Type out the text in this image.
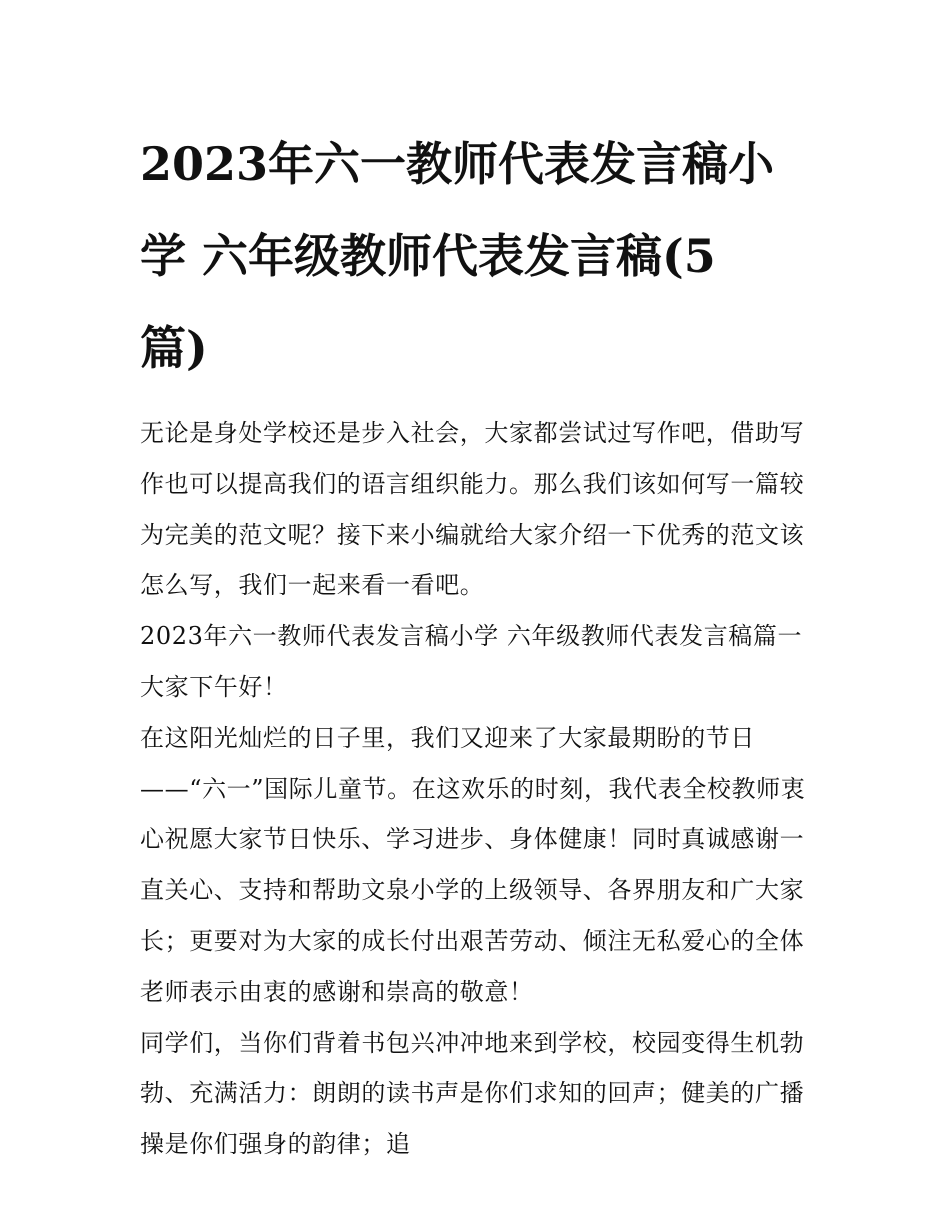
2023年六一教师代表发言稿小
学 六年级教师代表发言稿(5
篇)
无论是身处学校还是步入社会，大家都尝试过写作吧，借助写
作也可以提高我们的语言组织能力。那么我们该如何写一篇较
为完美的范文呢？接下来小编就给大家介绍一下优秀的范文该
怎么写，我们一起来看一看吧。
2023年六一教师代表发言稿小学 六年级教师代表发言稿篇一
大家下午好！
在这阳光灿烂的日子里，我们又迎来了大家最期盼的节日
——“六一”国际儿童节。在这欢乐的时刻，我代表全校教师衷
心祝愿大家节日快乐、学习进步、身体健康！同时真诚感谢一
直关心、支持和帮助文泉小学的上级领导、各界朋友和广大家
长；更要对为大家的成长付出艰苦劳动、倾注无私爱心的全体
老师表示由衷的感谢和崇高的敬意！
同学们，当你们背着书包兴冲冲地来到学校，校园变得生机勃
勃、充满活力：朗朗的读书声是你们求知的回声；健美的广播
操是你们强身的韵律；追
